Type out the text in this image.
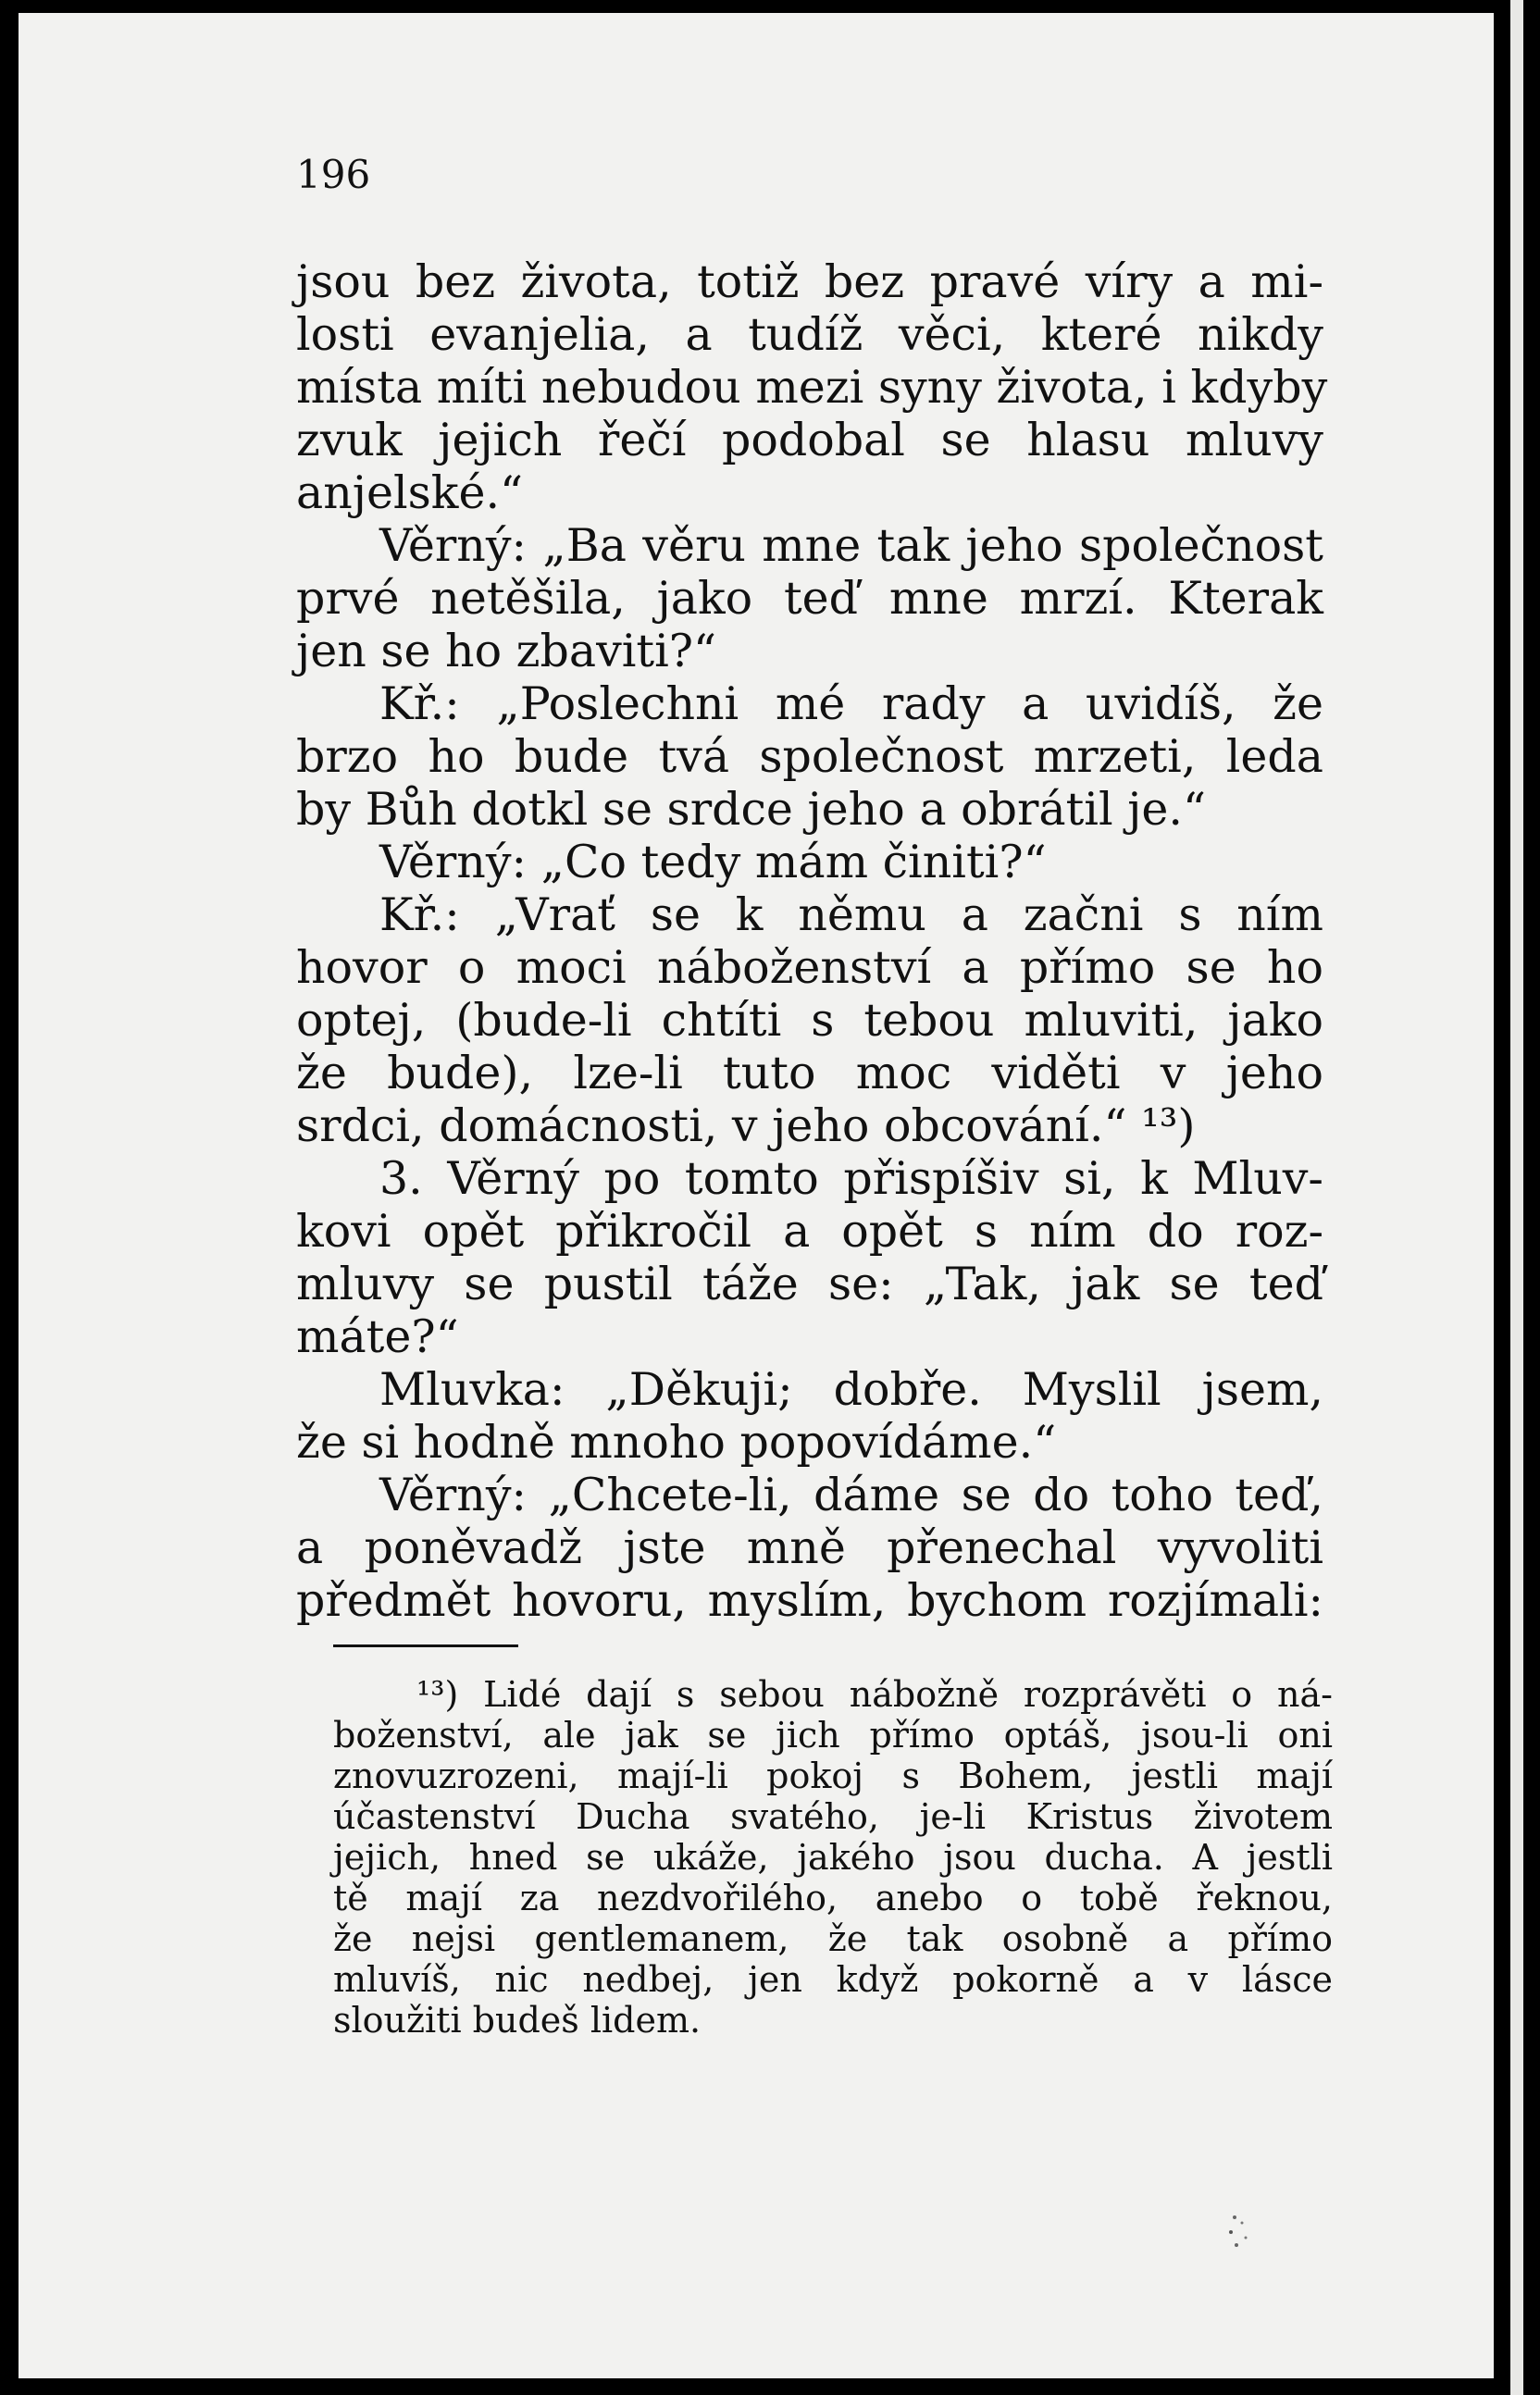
196
jsou bez života, totiž bez pravé víry a mi-
losti evanjelia, a tudíž věci, které nikdy
místa míti nebudou mezi syny života, i kdyby
zvuk jejich řečí podobal se hlasu mluvy
anjelské.“
Věrný: „Ba věru mne tak jeho společnost
prvé netěšila, jako teď mne mrzí. Kterak
jen se ho zbaviti?“
Kř.: „Poslechni mé rady a uvidíš, že
brzo ho bude tvá společnost mrzeti, leda
by Bůh dotkl se srdce jeho a obrátil je.“
Věrný: „Co tedy mám činiti?“
Kř.: „Vrať se k němu a začni s ním
hovor o moci náboženství a přímo se ho
optej, (bude-li chtíti s tebou mluviti, jako
že bude), lze-li tuto moc viděti v jeho
srdci, domácnosti, v jeho obcování.“ ¹³)
3. Věrný po tomto přispíšiv si, k Mluv-
kovi opět přikročil a opět s ním do roz-
mluvy se pustil táže se: „Tak, jak se teď
máte?“
Mluvka: „Děkuji; dobře. Myslil jsem,
že si hodně mnoho popovídáme.“
Věrný: „Chcete-li, dáme se do toho teď,
a poněvadž jste mně přenechal vyvoliti
předmět hovoru, myslím, bychom rozjímali:
¹³) Lidé dají s sebou nábožně rozprávěti o ná-
boženství, ale jak se jich přímo optáš, jsou-li oni
znovuzrozeni, mají-li pokoj s Bohem, jestli mají
účastenství Ducha svatého, je-li Kristus životem
jejich, hned se ukáže, jakého jsou ducha. A jestli
tě mají za nezdvořilého, anebo o tobě řeknou,
že nejsi gentlemanem, že tak osobně a přímo
mluvíš, nic nedbej, jen když pokorně a v lásce
sloužiti budeš lidem.
